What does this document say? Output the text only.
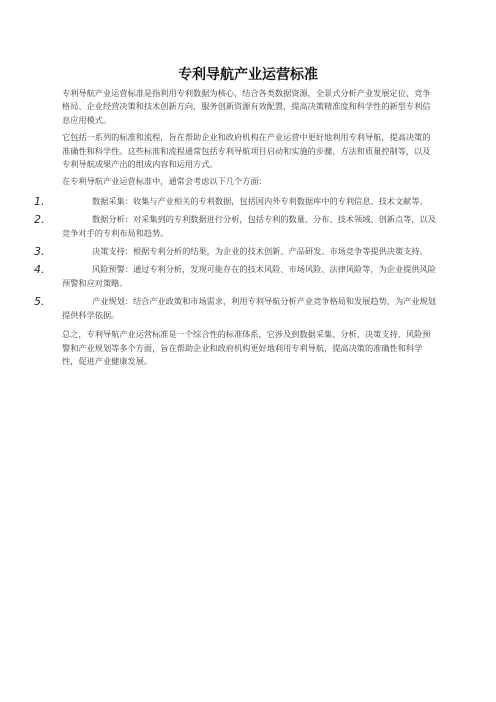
专利导航产业运营标准

专利导航产业运营标准是指利用专利数据为核心，结合各类数据资源，全景式分析产业发展定位、竞争格局、企业经营决策和技术创新方向，服务创新资源有效配置，提高决策精准度和科学性的新型专利信息应用模式。

它包括一系列的标准和流程，旨在帮助企业和政府机构在产业运营中更好地利用专利导航，提高决策的准确性和科学性。这些标准和流程通常包括专利导航项目启动和实施的步骤、方法和质量控制等，以及专利导航成果产出的组成内容和运用方式。

在专利导航产业运营标准中，通常会考虑以下几个方面：

1.	数据采集：收集与产业相关的专利数据，包括国内外专利数据库中的专利信息、技术文献等。
2.	数据分析：对采集到的专利数据进行分析，包括专利的数量、分布、技术领域、创新点等，以及竞争对手的专利布局和趋势。
3.	决策支持：根据专利分析的结果，为企业的技术创新、产品研发、市场竞争等提供决策支持。
4.	风险预警：通过专利分析，发现可能存在的技术风险、市场风险、法律风险等，为企业提供风险预警和应对策略。
5.	产业规划：结合产业政策和市场需求，利用专利导航分析产业竞争格局和发展趋势，为产业规划提供科学依据。

总之，专利导航产业运营标准是一个综合性的标准体系，它涉及到数据采集、分析、决策支持、风险预警和产业规划等多个方面，旨在帮助企业和政府机构更好地利用专利导航，提高决策的准确性和科学性，促进产业健康发展。
